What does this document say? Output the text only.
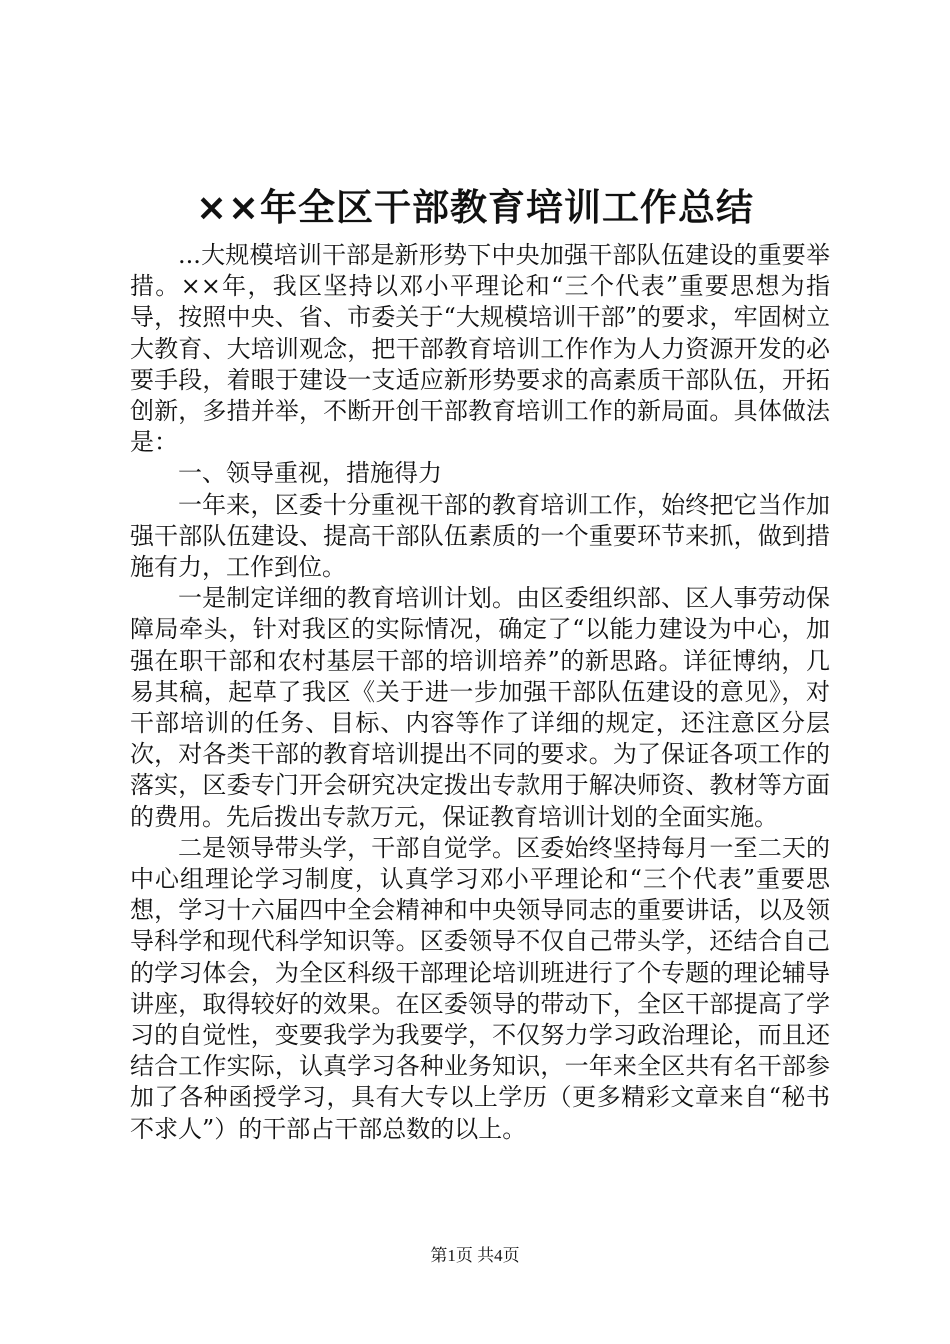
××年全区干部教育培训工作总结

...大规模培训干部是新形势下中央加强干部队伍建设的重要举措。××年，我区坚持以邓小平理论和“三个代表”重要思想为指导，按照中央、省、市委关于“大规模培训干部”的要求，牢固树立大教育、大培训观念，把干部教育培训工作作为人力资源开发的必要手段，着眼于建设一支适应新形势要求的高素质干部队伍，开拓创新，多措并举，不断开创干部教育培训工作的新局面。具体做法是：

一、领导重视，措施得力

一年来，区委十分重视干部的教育培训工作，始终把它当作加强干部队伍建设、提高干部队伍素质的一个重要环节来抓，做到措施有力，工作到位。

一是制定详细的教育培训计划。由区委组织部、区人事劳动保障局牵头，针对我区的实际情况，确定了“以能力建设为中心，加强在职干部和农村基层干部的培训培养”的新思路。详征博纳，几易其稿，起草了我区《关于进一步加强干部队伍建设的意见》，对干部培训的任务、目标、内容等作了详细的规定，还注意区分层次，对各类干部的教育培训提出不同的要求。为了保证各项工作的落实，区委专门开会研究决定拨出专款用于解决师资、教材等方面的费用。先后拨出专款万元，保证教育培训计划的全面实施。

二是领导带头学，干部自觉学。区委始终坚持每月一至二天的中心组理论学习制度，认真学习邓小平理论和“三个代表”重要思想，学习十六届四中全会精神和中央领导同志的重要讲话，以及领导科学和现代科学知识等。区委领导不仅自己带头学，还结合自己的学习体会，为全区科级干部理论培训班进行了个专题的理论辅导讲座，取得较好的效果。在区委领导的带动下，全区干部提高了学习的自觉性，变要我学为我要学，不仅努力学习政治理论，而且还结合工作实际，认真学习各种业务知识，一年来全区共有名干部参加了各种函授学习，具有大专以上学历（更多精彩文章来自“秘书不求人”）的干部占干部总数的以上。

第1页 共4页
